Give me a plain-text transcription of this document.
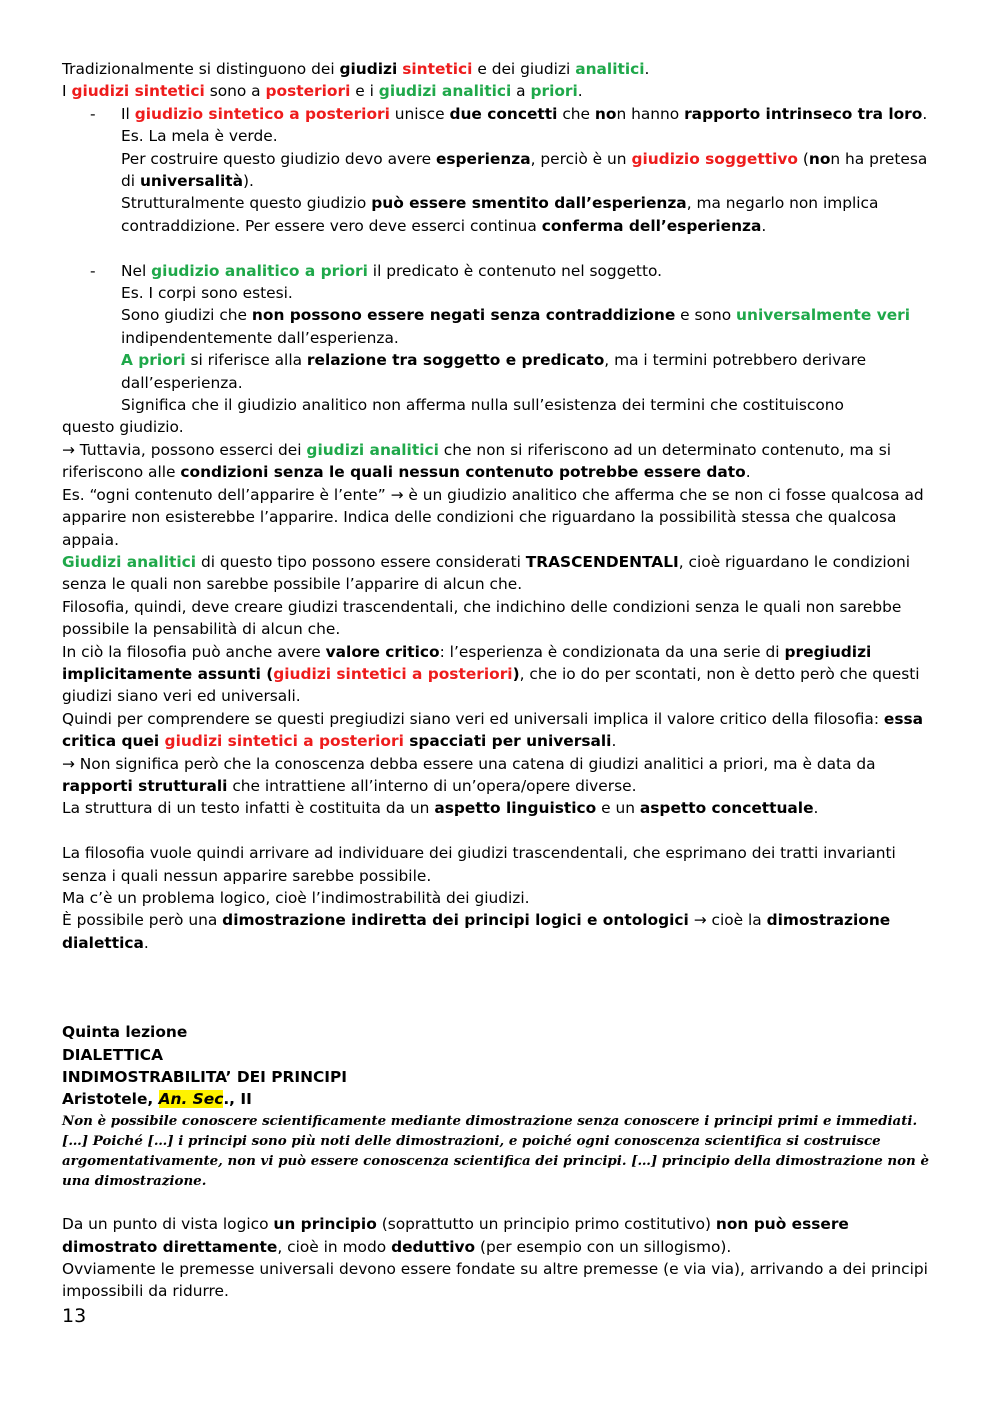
Tradizionalmente si distinguono dei giudizi sintetici e dei giudizi analitici.

I giudizi sintetici sono a posteriori e i giudizi analitici a priori.

- Il giudizio sintetico a posteriori unisce due concetti che non hanno rapporto intrinseco tra loro.

Es. La mela è verde.

Per costruire questo giudizio devo avere esperienza, perciò è un giudizio soggettivo (non ha pretesa di universalità).

Strutturalmente questo giudizio può essere smentito dall’esperienza, ma negarlo non implica contraddizione. Per essere vero deve esserci continua conferma dell’esperienza.

- Nel giudizio analitico a priori il predicato è contenuto nel soggetto.

Es. I corpi sono estesi.

Sono giudizi che non possono essere negati senza contraddizione e sono universalmente veri indipendentemente dall’esperienza.

A priori si riferisce alla relazione tra soggetto e predicato, ma i termini potrebbero derivare dall’esperienza.

Significa che il giudizio analitico non afferma nulla sull’esistenza dei termini che costituiscono

questo giudizio.

→ Tuttavia, possono esserci dei giudizi analitici che non si riferiscono ad un determinato contenuto, ma si riferiscono alle condizioni senza le quali nessun contenuto potrebbe essere dato.

Es. “ogni contenuto dell’apparire è l’ente” → è un giudizio analitico che afferma che se non ci fosse qualcosa ad apparire non esisterebbe l’apparire. Indica delle condizioni che riguardano la possibilità stessa che qualcosa appaia.

Giudizi analitici di questo tipo possono essere considerati TRASCENDENTALI, cioè riguardano le condizioni senza le quali non sarebbe possibile l’apparire di alcun che.

Filosofia, quindi, deve creare giudizi trascendentali, che indichino delle condizioni senza le quali non sarebbe possibile la pensabilità di alcun che.

In ciò la filosofia può anche avere valore critico: l’esperienza è condizionata da una serie di pregiudizi implicitamente assunti (giudizi sintetici a posteriori), che io do per scontati, non è detto però che questi giudizi siano veri ed universali.

Quindi per comprendere se questi pregiudizi siano veri ed universali implica il valore critico della filosofia: essa critica quei giudizi sintetici a posteriori spacciati per universali.

→ Non significa però che la conoscenza debba essere una catena di giudizi analitici a priori, ma è data da rapporti strutturali che intrattiene all’interno di un’opera/opere diverse.

La struttura di un testo infatti è costituita da un aspetto linguistico e un aspetto concettuale.

La filosofia vuole quindi arrivare ad individuare dei giudizi trascendentali, che esprimano dei tratti invarianti senza i quali nessun apparire sarebbe possibile.

Ma c’è un problema logico, cioè l’indimostrabilità dei giudizi.

È possibile però una dimostrazione indiretta dei principi logici e ontologici → cioè la dimostrazione dialettica.

Quinta lezione

DIALETTICA

INDIMOSTRABILITA’ DEI PRINCIPI

Aristotele, An. Sec., II

Non è possibile conoscere scientificamente mediante dimostrazione senza conoscere i principi primi e immediati. […] Poiché […] i principi sono più noti delle dimostrazioni, e poiché ogni conoscenza scientifica si costruisce argomentativamente, non vi può essere conoscenza scientifica dei principi. […] principio della dimostrazione non è una dimostrazione.

Da un punto di vista logico un principio (soprattutto un principio primo costitutivo) non può essere dimostrato direttamente, cioè in modo deduttivo (per esempio con un sillogismo).

Ovviamente le premesse universali devono essere fondate su altre premesse (e via via), arrivando a dei principi impossibili da ridurre.

13
